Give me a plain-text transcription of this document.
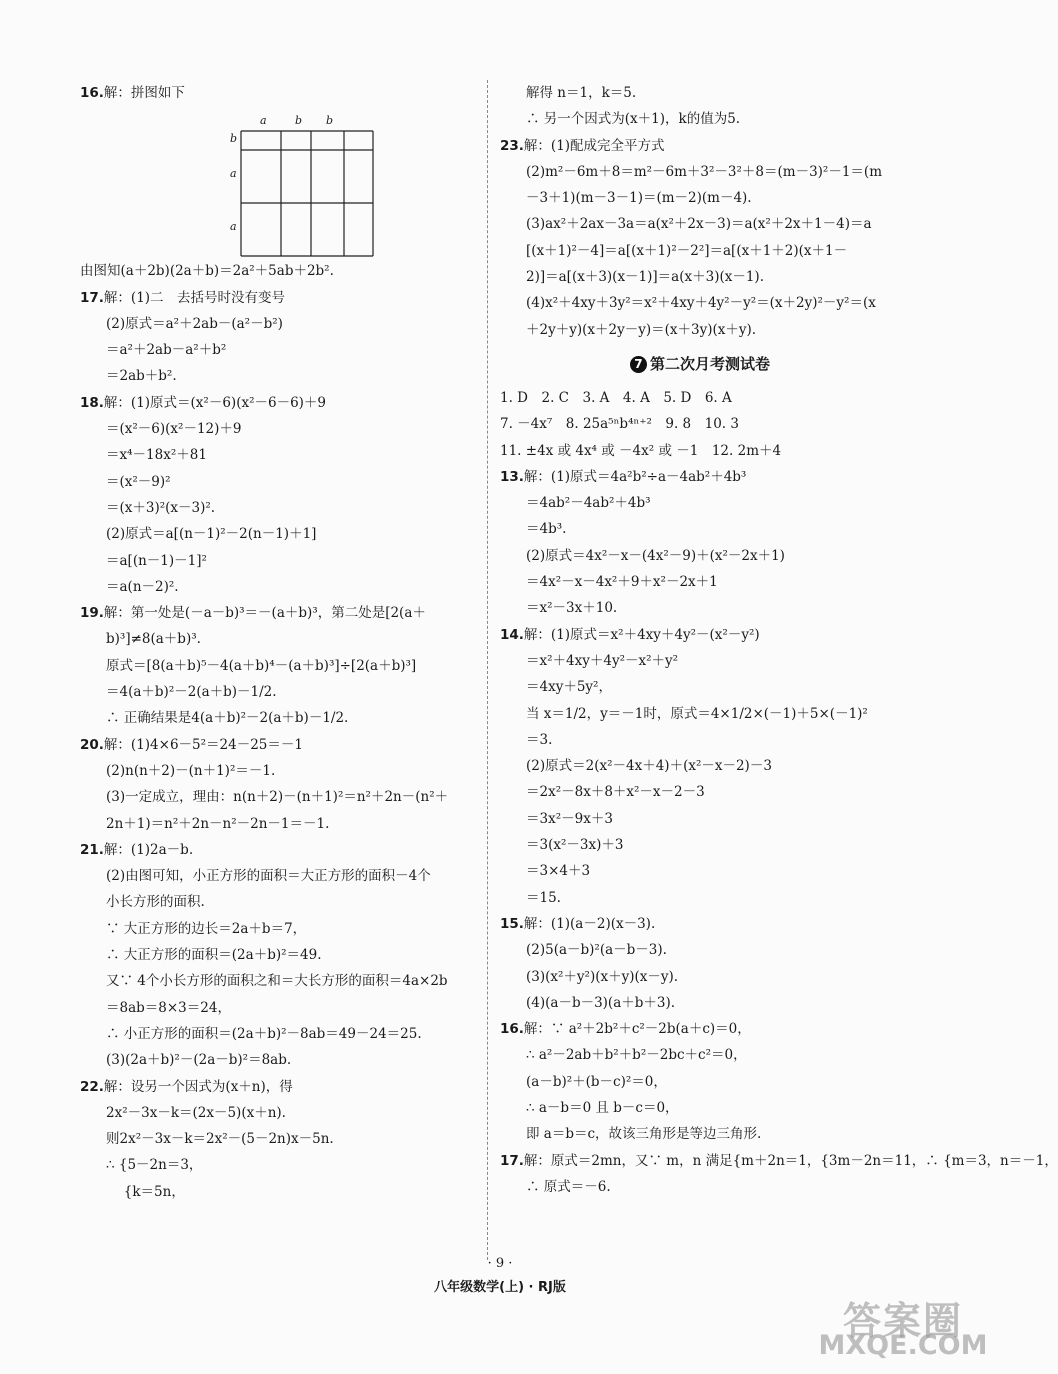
16.解：拼图如下
a	b b
b
a
a
由图知(a＋2b)(2a＋b)＝2a²＋5ab＋2b².
17.解：(1)二　去括号时没有变号
(2)原式＝a²＋2ab－(a²－b²)
＝a²＋2ab－a²＋b²
＝2ab＋b².
18.解：(1)原式＝(x²－6)(x²－6－6)＋9
＝(x²－6)(x²－12)＋9
＝x⁴－18x²＋81
＝(x²－9)²
＝(x＋3)²(x－3)².
(2)原式＝a[(n－1)²－2(n－1)＋1]
＝a[(n－1)－1]²
＝a(n－2)².
19.解：第一处是(－a－b)³＝－(a＋b)³，第二处是[2(a＋
b)³]≠8(a＋b)³.
原式＝[8(a＋b)⁵－4(a＋b)⁴－(a＋b)³]÷[2(a＋b)³]
＝4(a＋b)²－2(a＋b)－1/2.
∴ 正确结果是4(a＋b)²－2(a＋b)－1/2.
20.解：(1)4×6－5²＝24－25＝－1
(2)n(n＋2)－(n＋1)²＝－1.
(3)一定成立，理由：n(n＋2)－(n＋1)²＝n²＋2n－(n²＋
2n＋1)＝n²＋2n－n²－2n－1＝－1.
21.解：(1)2a－b.
(2)由图可知，小正方形的面积＝大正方形的面积－4个
小长方形的面积.
∵ 大正方形的边长＝2a＋b＝7，
∴ 大正方形的面积＝(2a＋b)²＝49.
又∵ 4个小长方形的面积之和＝大长方形的面积＝4a×2b
＝8ab＝8×3＝24，
∴ 小正方形的面积＝(2a＋b)²－8ab＝49－24＝25.
(3)(2a＋b)²－(2a－b)²＝8ab.
22.解：设另一个因式为(x＋n)，得
2x²－3x－k＝(2x－5)(x＋n).
则2x²－3x－k＝2x²－(5－2n)x－5n.
∴ {5－2n＝3，
　 {k＝5n，
解得 n＝1，k＝5.
∴ 另一个因式为(x＋1)，k的值为5.
23.解：(1)配成完全平方式
(2)m²－6m＋8＝m²－6m＋3²－3²＋8＝(m－3)²－1＝(m
－3＋1)(m－3－1)＝(m－2)(m－4).
(3)ax²＋2ax－3a＝a(x²＋2x－3)＝a(x²＋2x＋1－4)＝a
[(x＋1)²－4]＝a[(x＋1)²－2²]＝a[(x＋1＋2)(x＋1－
2)]＝a[(x＋3)(x－1)]＝a(x＋3)(x－1).
(4)x²＋4xy＋3y²＝x²＋4xy＋4y²－y²＝(x＋2y)²－y²＝(x
＋2y＋y)(x＋2y－y)＝(x＋3y)(x＋y).
7 第二次月考测试卷
1. D　2. C　3. A　4. A　5. D　6. A
7. －4x⁷　8. 25a⁵ⁿb⁴ⁿ⁺²　9. 8　10. 3
11. ±4x 或 4x⁴ 或 －4x² 或 －1　12. 2m＋4
13.解：(1)原式＝4a²b²÷a－4ab²＋4b³
＝4ab²－4ab²＋4b³
＝4b³.
(2)原式＝4x²－x－(4x²－9)＋(x²－2x＋1)
＝4x²－x－4x²＋9＋x²－2x＋1
＝x²－3x＋10.
14.解：(1)原式＝x²＋4xy＋4y²－(x²－y²)
＝x²＋4xy＋4y²－x²＋y²
＝4xy＋5y²，
当 x＝1/2，y＝－1时，原式＝4×1/2×(－1)＋5×(－1)²
＝3.
(2)原式＝2(x²－4x＋4)＋(x²－x－2)－3
＝2x²－8x＋8＋x²－x－2－3
＝3x²－9x＋3
＝3(x²－3x)＋3
＝3×4＋3
＝15.
15.解：(1)(a－2)(x－3).
(2)5(a－b)²(a－b－3).
(3)(x²＋y²)(x＋y)(x－y).
(4)(a－b－3)(a＋b＋3).
16.解：∵ a²＋2b²＋c²－2b(a＋c)＝0，
∴ a²－2ab＋b²＋b²－2bc＋c²＝0，
(a－b)²＋(b－c)²＝0，
∴ a－b＝0 且 b－c＝0，
即 a＝b＝c，故该三角形是等边三角形.
17.解：原式＝2mn，又∵ m，n 满足{m＋2n＝1，{3m－2n＝11，∴ {m＝3，n＝－1，
∴ 原式＝－6.
· 9 ·
八年级数学(上) · RJ版
答案圈
MXQE.COM
